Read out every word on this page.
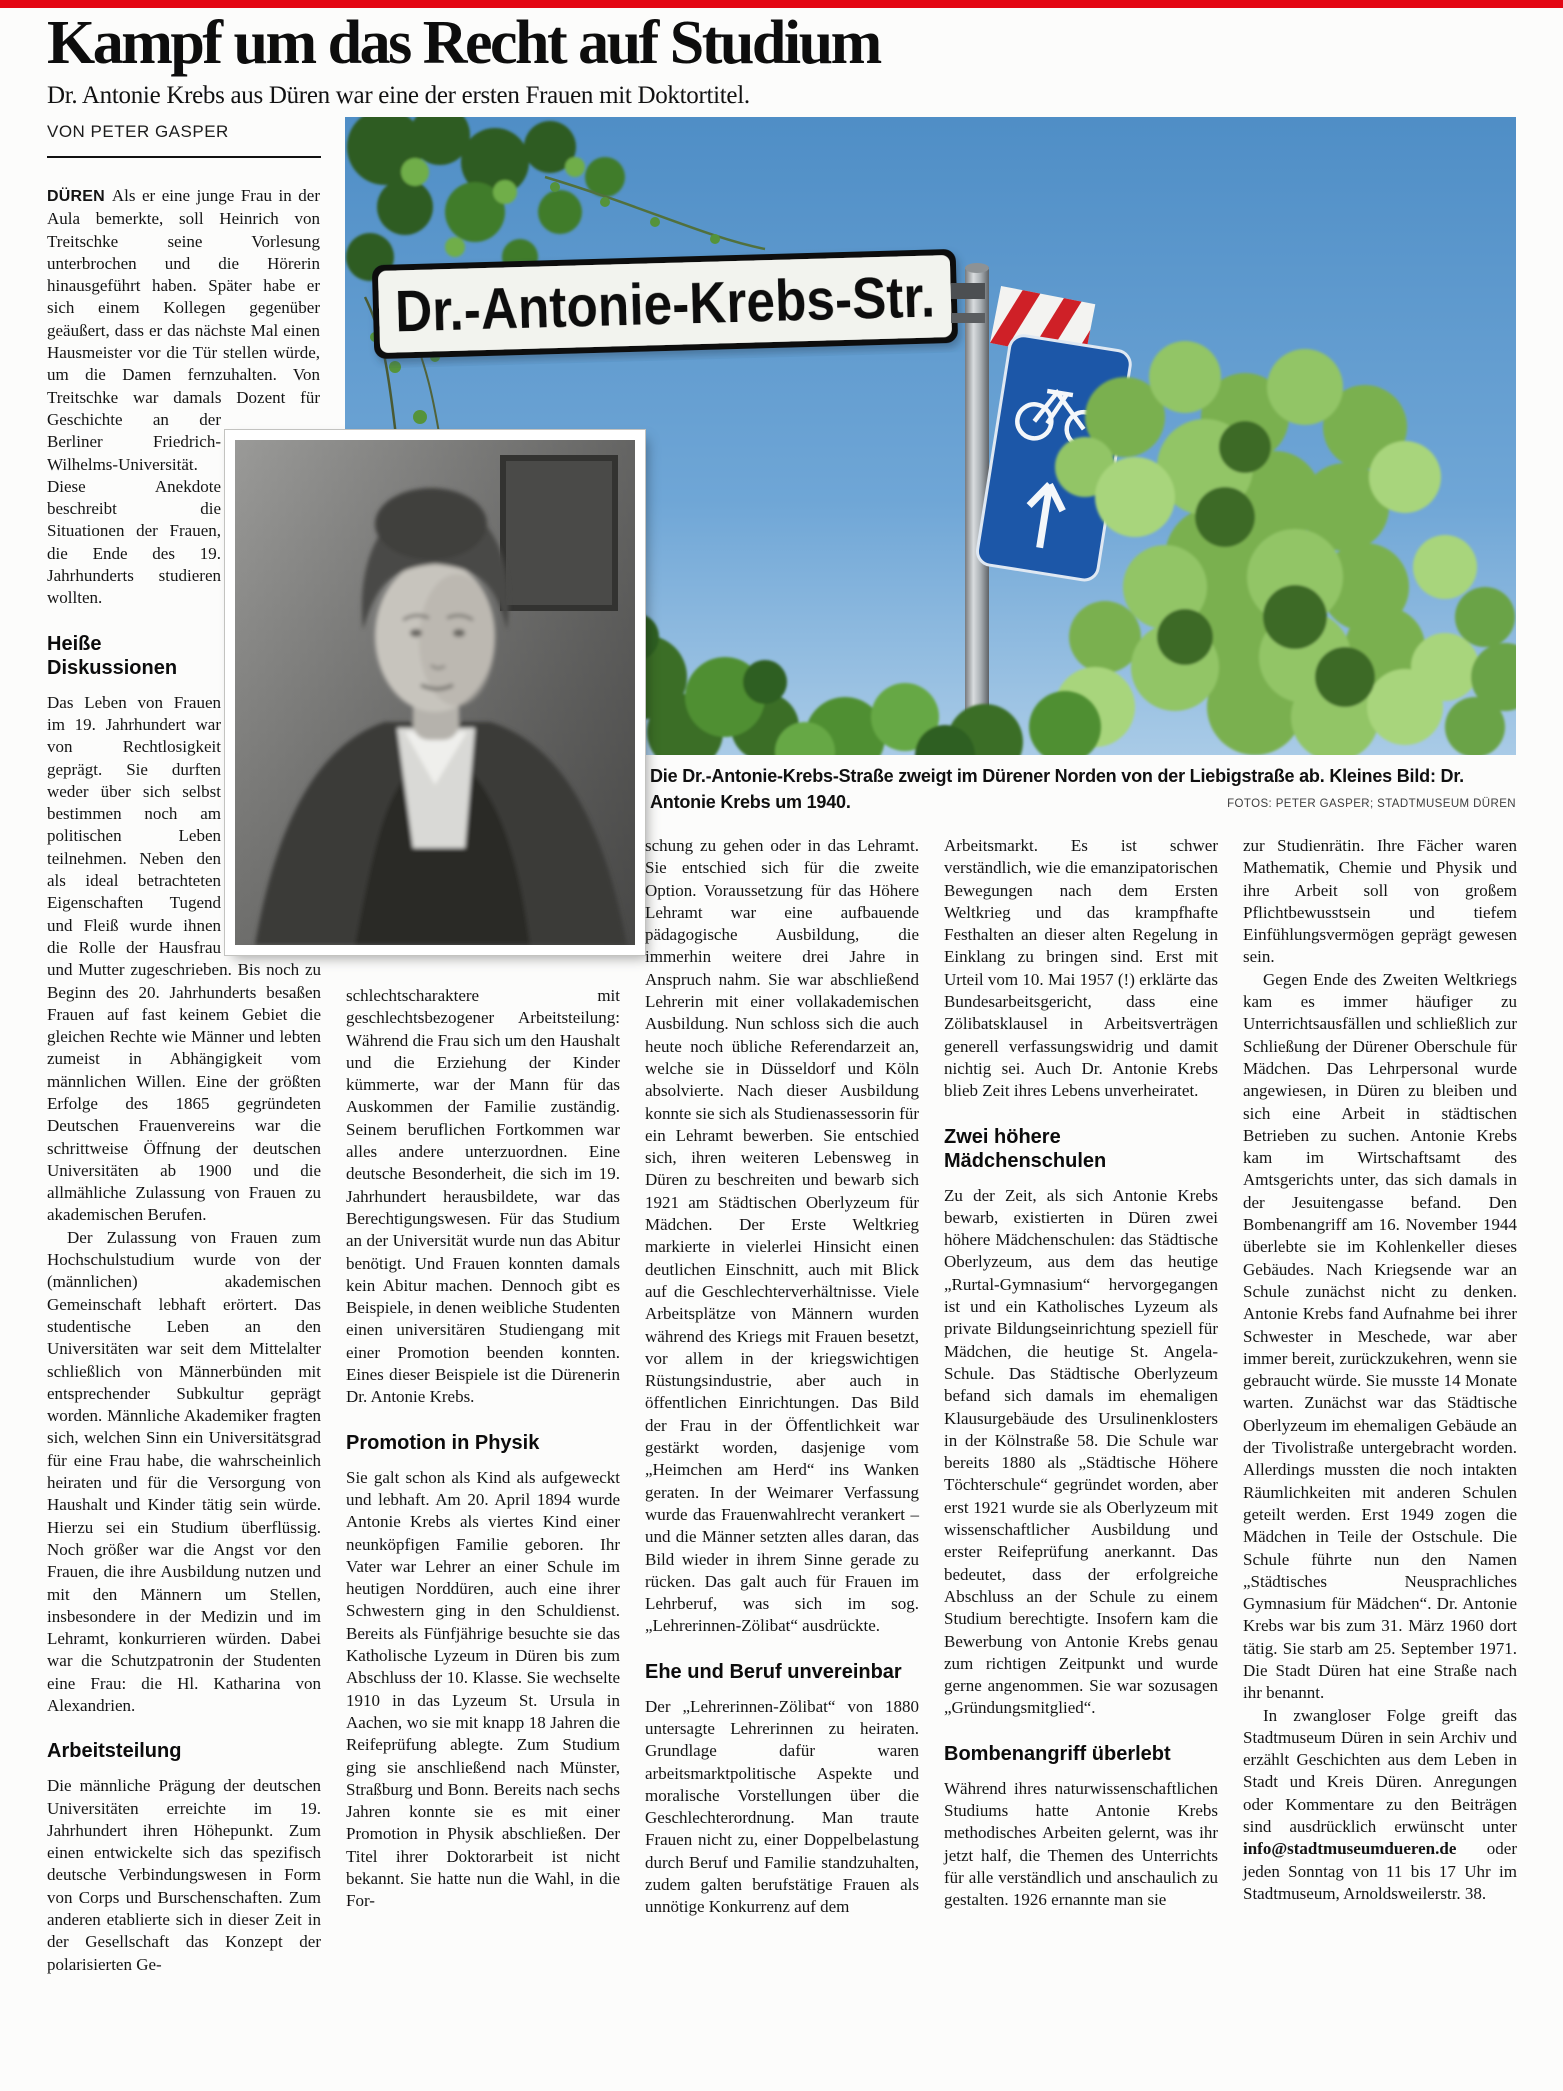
Kampf um das Recht auf Studium
Dr. Antonie Krebs aus Düren war eine der ersten Frauen mit Doktortitel.
VON PETER GASPER
Dr.-Antonie-Krebs-Str.
Die Dr.-Antonie-Krebs-Straße zweigt im Dürener Norden von der Liebigstraße ab. Kleines Bild: Dr. Antonie Krebs um 1940.	FOTOS: PETER GASPER; STADTMUSEUM DÜREN

DÜREN Als er eine junge Frau in der Aula bemerkte, soll Heinrich von Treitschke seine Vorlesung unterbrochen und die Hörerin hinausgeführt haben. Später habe er sich einem Kollegen gegenüber geäußert, dass er das nächste Mal einen Hausmeister vor die Tür stellen würde, um die Damen fernzuhalten. Von Treitschke war damals Dozent für Geschichte an der Berliner Friedrich-Wilhelms-Universität. Diese Anekdote beschreibt die Situationen der Frauen, die Ende des 19. Jahrhunderts studieren wollten.

Heiße Diskussionen

Das Leben von Frauen im 19. Jahrhundert war von Rechtlosigkeit geprägt. Sie durften weder über sich selbst bestimmen noch am politischen Leben teilnehmen. Neben den als ideal betrachteten Eigenschaften Tugend und Fleiß wurde ihnen die Rolle der Hausfrau und Mutter zugeschrieben. Bis noch zu Beginn des 20. Jahrhunderts besaßen Frauen auf fast keinem Gebiet die gleichen Rechte wie Männer und lebten zumeist in Abhängigkeit vom männlichen Willen. Eine der größten Erfolge des 1865 gegründeten Deutschen Frauenvereins war die schrittweise Öffnung der deutschen Universitäten ab 1900 und die allmähliche Zulassung von Frauen zu akademischen Berufen.

Der Zulassung von Frauen zum Hochschulstudium wurde von der (männlichen) akademischen Gemeinschaft lebhaft erörtert. Das studentische Leben an den Universitäten war seit dem Mittelalter schließlich von Männerbünden mit entsprechender Subkultur geprägt worden. Männliche Akademiker fragten sich, welchen Sinn ein Universitätsgrad für eine Frau habe, die wahrscheinlich heiraten und für die Versorgung von Haushalt und Kinder tätig sein würde. Hierzu sei ein Studium überflüssig. Noch größer war die Angst vor den Frauen, die ihre Ausbildung nutzen und mit den Männern um Stellen, insbesondere in der Medizin und im Lehramt, konkurrieren würden. Dabei war die Schutzpatronin der Studenten eine Frau: die Hl. Katharina von Alexandrien.

Arbeitsteilung

Die männliche Prägung der deutschen Universitäten erreichte im 19. Jahrhundert ihren Höhepunkt. Zum einen entwickelte sich das spezifisch deutsche Verbindungswesen in Form von Corps und Burschenschaften. Zum anderen etablierte sich in dieser Zeit in der Gesellschaft das Konzept der polarisierten Ge-

schlechtscharaktere mit geschlechtsbezogener Arbeitsteilung: Während die Frau sich um den Haushalt und die Erziehung der Kinder kümmerte, war der Mann für das Auskommen der Familie zuständig. Seinem beruflichen Fortkommen war alles andere unterzuordnen. Eine deutsche Besonderheit, die sich im 19. Jahrhundert herausbildete, war das Berechtigungswesen. Für das Studium an der Universität wurde nun das Abitur benötigt. Und Frauen konnten damals kein Abitur machen. Dennoch gibt es Beispiele, in denen weibliche Studenten einen universitären Studiengang mit einer Promotion beenden konnten. Eines dieser Beispiele ist die Dürenerin Dr. Antonie Krebs.

Promotion in Physik

Sie galt schon als Kind als aufgeweckt und lebhaft. Am 20. April 1894 wurde Antonie Krebs als viertes Kind einer neunköpfigen Familie geboren. Ihr Vater war Lehrer an einer Schule im heutigen Norddüren, auch eine ihrer Schwestern ging in den Schuldienst. Bereits als Fünfjährige besuchte sie das Katholische Lyzeum in Düren bis zum Abschluss der 10. Klasse. Sie wechselte 1910 in das Lyzeum St. Ursula in Aachen, wo sie mit knapp 18 Jahren die Reifeprüfung ablegte. Zum Studium ging sie anschließend nach Münster, Straßburg und Bonn. Bereits nach sechs Jahren konnte sie es mit einer Promotion in Physik abschließen. Der Titel ihrer Doktorarbeit ist nicht bekannt. Sie hatte nun die Wahl, in die For-

schung zu gehen oder in das Lehramt. Sie entschied sich für die zweite Option. Voraussetzung für das Höhere Lehramt war eine aufbauende pädagogische Ausbildung, die immerhin weitere drei Jahre in Anspruch nahm. Sie war abschließend Lehrerin mit einer vollakademischen Ausbildung. Nun schloss sich die auch heute noch übliche Referendarzeit an, welche sie in Düsseldorf und Köln absolvierte. Nach dieser Ausbildung konnte sie sich als Studienassessorin für ein Lehramt bewerben. Sie entschied sich, ihren weiteren Lebensweg in Düren zu beschreiten und bewarb sich 1921 am Städtischen Oberlyzeum für Mädchen. Der Erste Weltkrieg markierte in vielerlei Hinsicht einen deutlichen Einschnitt, auch mit Blick auf die Geschlechterverhältnisse. Viele Arbeitsplätze von Männern wurden während des Kriegs mit Frauen besetzt, vor allem in der kriegswichtigen Rüstungsindustrie, aber auch in öffentlichen Einrichtungen. Das Bild der Frau in der Öffentlichkeit war gestärkt worden, dasjenige vom „Heimchen am Herd“ ins Wanken geraten. In der Weimarer Verfassung wurde das Frauenwahlrecht verankert – und die Männer setzten alles daran, das Bild wieder in ihrem Sinne gerade zu rücken. Das galt auch für Frauen im Lehrberuf, was sich im sog. „Lehrerinnen-Zölibat“ ausdrückte.

Ehe und Beruf unvereinbar

Der „Lehrerinnen-Zölibat“ von 1880 untersagte Lehrerinnen zu heiraten. Grundlage dafür waren arbeitsmarktpolitische Aspekte und moralische Vorstellungen über die Geschlechterordnung. Man traute Frauen nicht zu, einer Doppelbelastung durch Beruf und Familie standzuhalten, zudem galten berufstätige Frauen als unnötige Konkurrenz auf dem

Arbeitsmarkt. Es ist schwer verständlich, wie die emanzipatorischen Bewegungen nach dem Ersten Weltkrieg und das krampfhafte Festhalten an dieser alten Regelung in Einklang zu bringen sind. Erst mit Urteil vom 10. Mai 1957 (!) erklärte das Bundesarbeitsgericht, dass eine Zölibatsklausel in Arbeitsverträgen generell verfassungswidrig und damit nichtig sei. Auch Dr. Antonie Krebs blieb Zeit ihres Lebens unverheiratet.

Zwei höhere Mädchenschulen

Zu der Zeit, als sich Antonie Krebs bewarb, existierten in Düren zwei höhere Mädchenschulen: das Städtische Oberlyzeum, aus dem das heutige „Rurtal-Gymnasium“ hervorgegangen ist und ein Katholisches Lyzeum als private Bildungseinrichtung speziell für Mädchen, die heutige St. Angela-Schule. Das Städtische Oberlyzeum befand sich damals im ehemaligen Klausurgebäude des Ursulinenklosters in der Kölnstraße 58. Die Schule war bereits 1880 als „Städtische Höhere Töchterschule“ gegründet worden, aber erst 1921 wurde sie als Oberlyzeum mit wissenschaftlicher Ausbildung und erster Reifeprüfung anerkannt. Das bedeutet, dass der erfolgreiche Abschluss an der Schule zu einem Studium berechtigte. Insofern kam die Bewerbung von Antonie Krebs genau zum richtigen Zeitpunkt und wurde gerne angenommen. Sie war sozusagen „Gründungsmitglied“.

Bombenangriff überlebt

Während ihres naturwissenschaftlichen Studiums hatte Antonie Krebs methodisches Arbeiten gelernt, was ihr jetzt half, die Themen des Unterrichts für alle verständlich und anschaulich zu gestalten. 1926 ernannte man sie

zur Studienrätin. Ihre Fächer waren Mathematik, Chemie und Physik und ihre Arbeit soll von großem Pflichtbewusstsein und tiefem Einfühlungsvermögen geprägt gewesen sein.

Gegen Ende des Zweiten Weltkriegs kam es immer häufiger zu Unterrichtsausfällen und schließlich zur Schließung der Dürener Oberschule für Mädchen. Das Lehrpersonal wurde angewiesen, in Düren zu bleiben und sich eine Arbeit in städtischen Betrieben zu suchen. Antonie Krebs kam im Wirtschaftsamt des Amtsgerichts unter, das sich damals in der Jesuitengasse befand. Den Bombenangriff am 16. November 1944 überlebte sie im Kohlenkeller dieses Gebäudes. Nach Kriegsende war an Schule zunächst nicht zu denken. Antonie Krebs fand Aufnahme bei ihrer Schwester in Meschede, war aber immer bereit, zurückzukehren, wenn sie gebraucht würde. Sie musste 14 Monate warten. Zunächst war das Städtische Oberlyzeum im ehemaligen Gebäude an der Tivolistraße untergebracht worden. Allerdings mussten die noch intakten Räumlichkeiten mit anderen Schulen geteilt werden. Erst 1949 zogen die Mädchen in Teile der Ostschule. Die Schule führte nun den Namen „Städtisches Neusprachliches Gymnasium für Mädchen“. Dr. Antonie Krebs war bis zum 31. März 1960 dort tätig. Sie starb am 25. September 1971. Die Stadt Düren hat eine Straße nach ihr benannt.

In zwangloser Folge greift das Stadtmuseum Düren in sein Archiv und erzählt Geschichten aus dem Leben in Stadt und Kreis Düren. Anregungen oder Kommentare zu den Beiträgen sind ausdrücklich erwünscht unter info@stadtmuseumdueren.de oder jeden Sonntag von 11 bis 17 Uhr im Stadtmuseum, Arnoldsweilerstr. 38.
